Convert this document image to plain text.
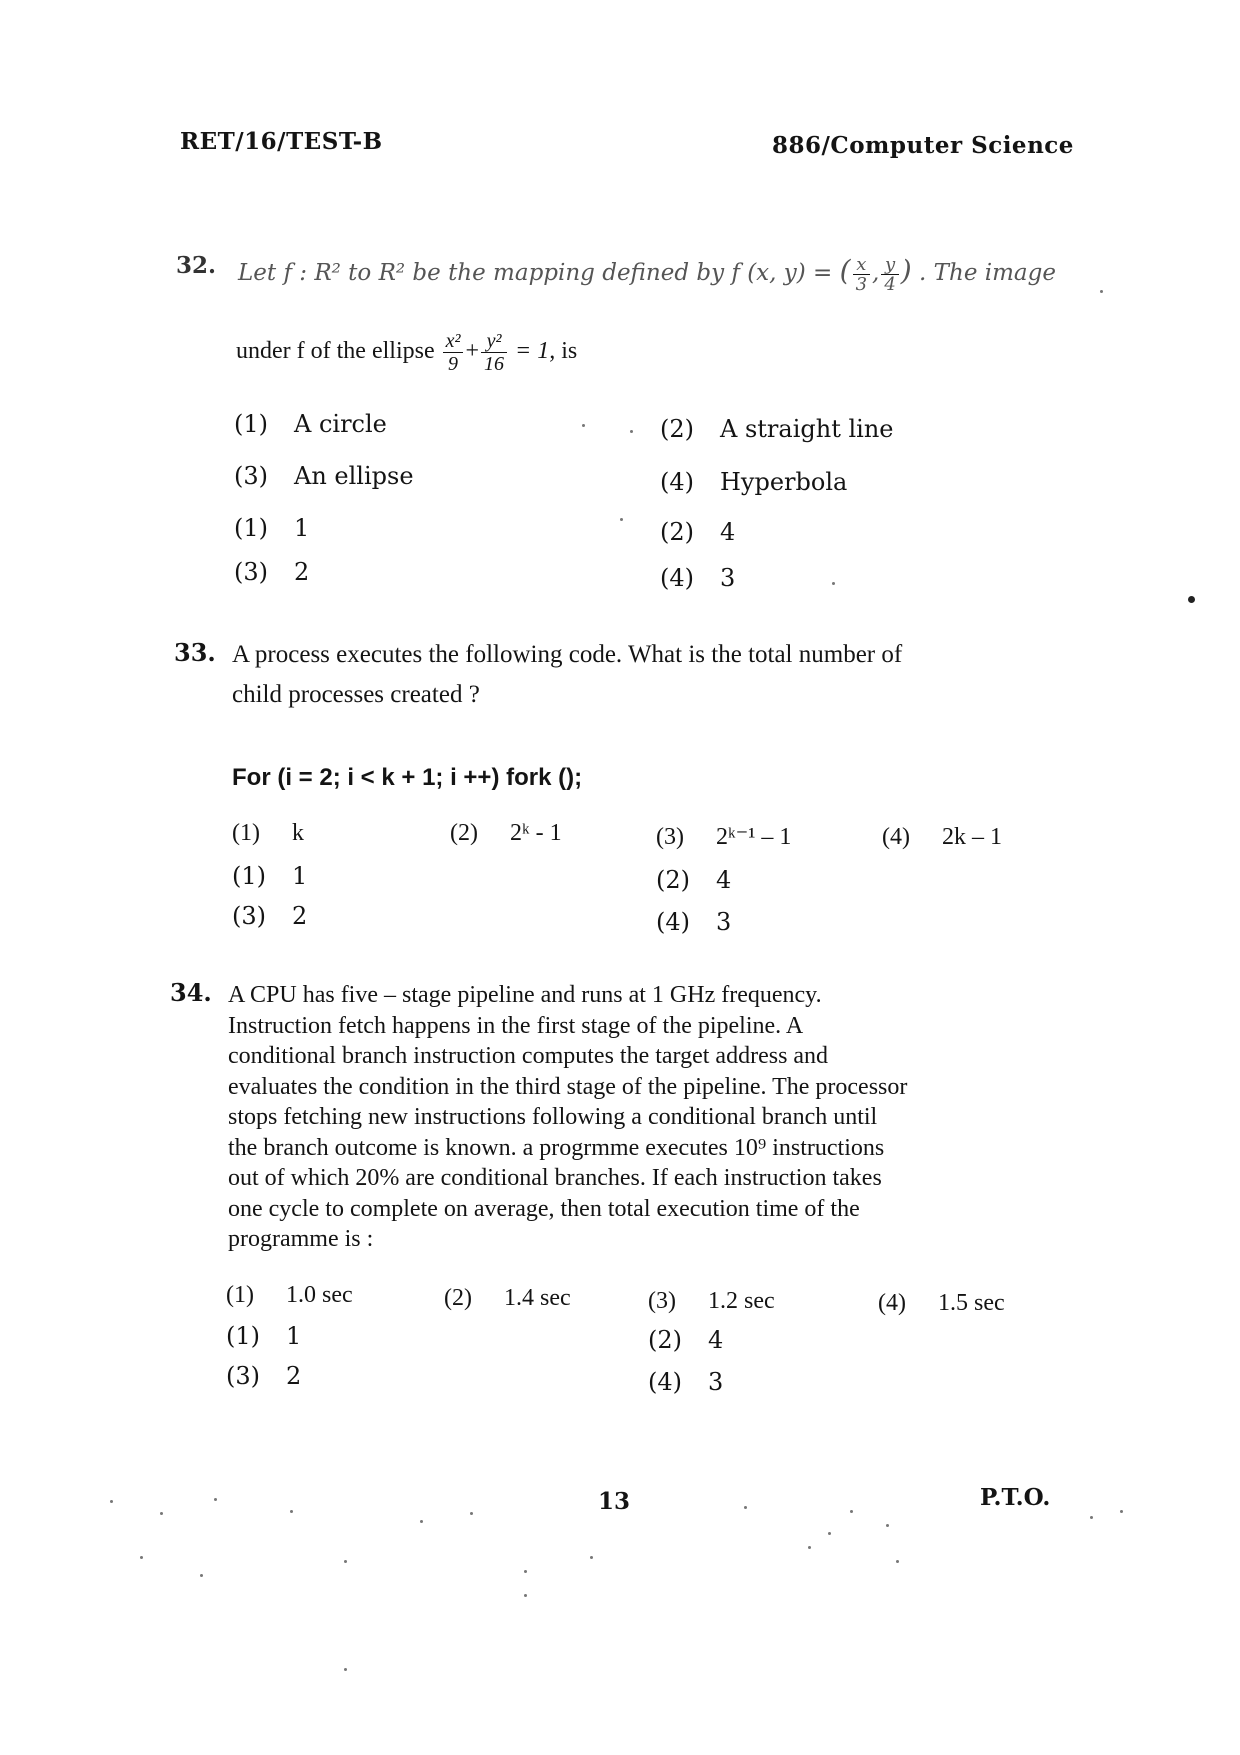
RET/16/TEST-B	886/Computer Science
32. Let f : R² to R² be the mapping defined by f (x, y) = ( $\frac{x}{3}$ , $\frac{y}{4}$ ) . The image
under f of the ellipse $\frac{\text{x²}}{9} + \frac{\text{y²}}{16} = 1$, is
(1) A circle	(2) A straight line
(3) An ellipse	(4) Hyperbola
(1) 1	(2) 4
(3) 2	(4) 3
33. A process executes the following code. What is the total number of
child processes created ?
For (i = 2; i < k + 1; i ++) fork ();
(1) k	(2) 2ᵏ - 1	(3) 2ᵏ⁻¹ – 1	(4) 2k – 1
(1) 1	(2) 4
(3) 2	(4) 3
34. A CPU has five – stage pipeline and runs at 1 GHz frequency.
Instruction fetch happens in the first stage of the pipeline. A
conditional branch instruction computes the target address and
evaluates the condition in the third stage of the pipeline. The processor
stops fetching new instructions following a conditional branch until
the branch outcome is known. a progrmme executes 10⁹ instructions
out of which 20% are conditional branches. If each instruction takes
one cycle to complete on average, then total execution time of the
programme is :
(1) 1.0 sec	(2) 1.4 sec	(3) 1.2 sec	(4) 1.5 sec
(1) 1	(2) 4
(3) 2	(4) 3
13	P.T.O.
